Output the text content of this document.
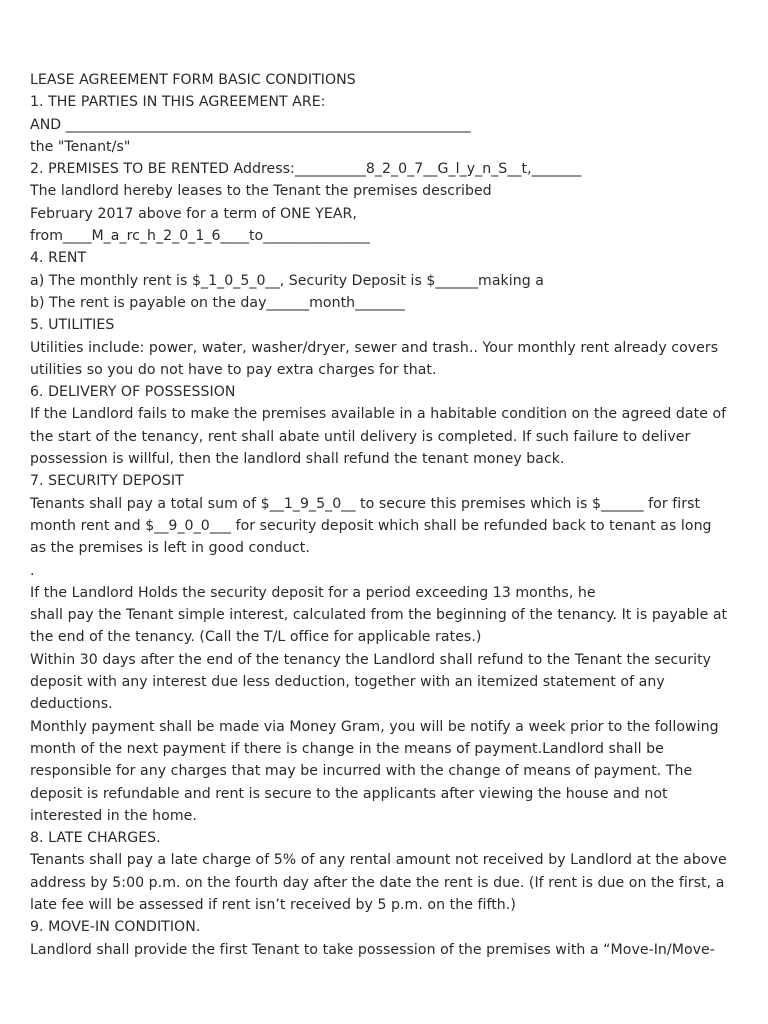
LEASE AGREEMENT FORM BASIC CONDITIONS
1. THE PARTIES IN THIS AGREEMENT ARE:
AND _________________________________________________________
the "Tenant/s"
2. PREMISES TO BE RENTED Address:__________8_2_0_7__G_l_y_n_S__t,_______
The landlord hereby leases to the Tenant the premises described
February 2017 above for a term of ONE YEAR,
from____M_a_rc_h_2_0_1_6____to_______________
4. RENT
a) The monthly rent is $_1_0_5_0__, Security Deposit is $______making a
b) The rent is payable on the day______month_______
5. UTILITIES
Utilities include: power, water, washer/dryer, sewer and trash.. Your monthly rent already covers
utilities so you do not have to pay extra charges for that.
6. DELIVERY OF POSSESSION
If the Landlord fails to make the premises available in a habitable condition on the agreed date of
the start of the tenancy, rent shall abate until delivery is completed. If such failure to deliver
possession is willful, then the landlord shall refund the tenant money back.
7. SECURITY DEPOSIT
Tenants shall pay a total sum of $__1_9_5_0__ to secure this premises which is $______ for first
month rent and $__9_0_0___ for security deposit which shall be refunded back to tenant as long
as the premises is left in good conduct.
.
If the Landlord Holds the security deposit for a period exceeding 13 months, he
shall pay the Tenant simple interest, calculated from the beginning of the tenancy. It is payable at
the end of the tenancy. (Call the T/L office for applicable rates.)
Within 30 days after the end of the tenancy the Landlord shall refund to the Tenant the security
deposit with any interest due less deduction, together with an itemized statement of any
deductions.
Monthly payment shall be made via Money Gram, you will be notify a week prior to the following
month of the next payment if there is change in the means of payment.Landlord shall be
responsible for any charges that may be incurred with the change of means of payment. The
deposit is refundable and rent is secure to the applicants after viewing the house and not
interested in the home.
8. LATE CHARGES.
Tenants shall pay a late charge of 5% of any rental amount not received by Landlord at the above
address by 5:00 p.m. on the fourth day after the date the rent is due. (If rent is due on the first, a
late fee will be assessed if rent isn’t received by 5 p.m. on the fifth.)
9. MOVE-IN CONDITION.
Landlord shall provide the first Tenant to take possession of the premises with a “Move-In/Move-
